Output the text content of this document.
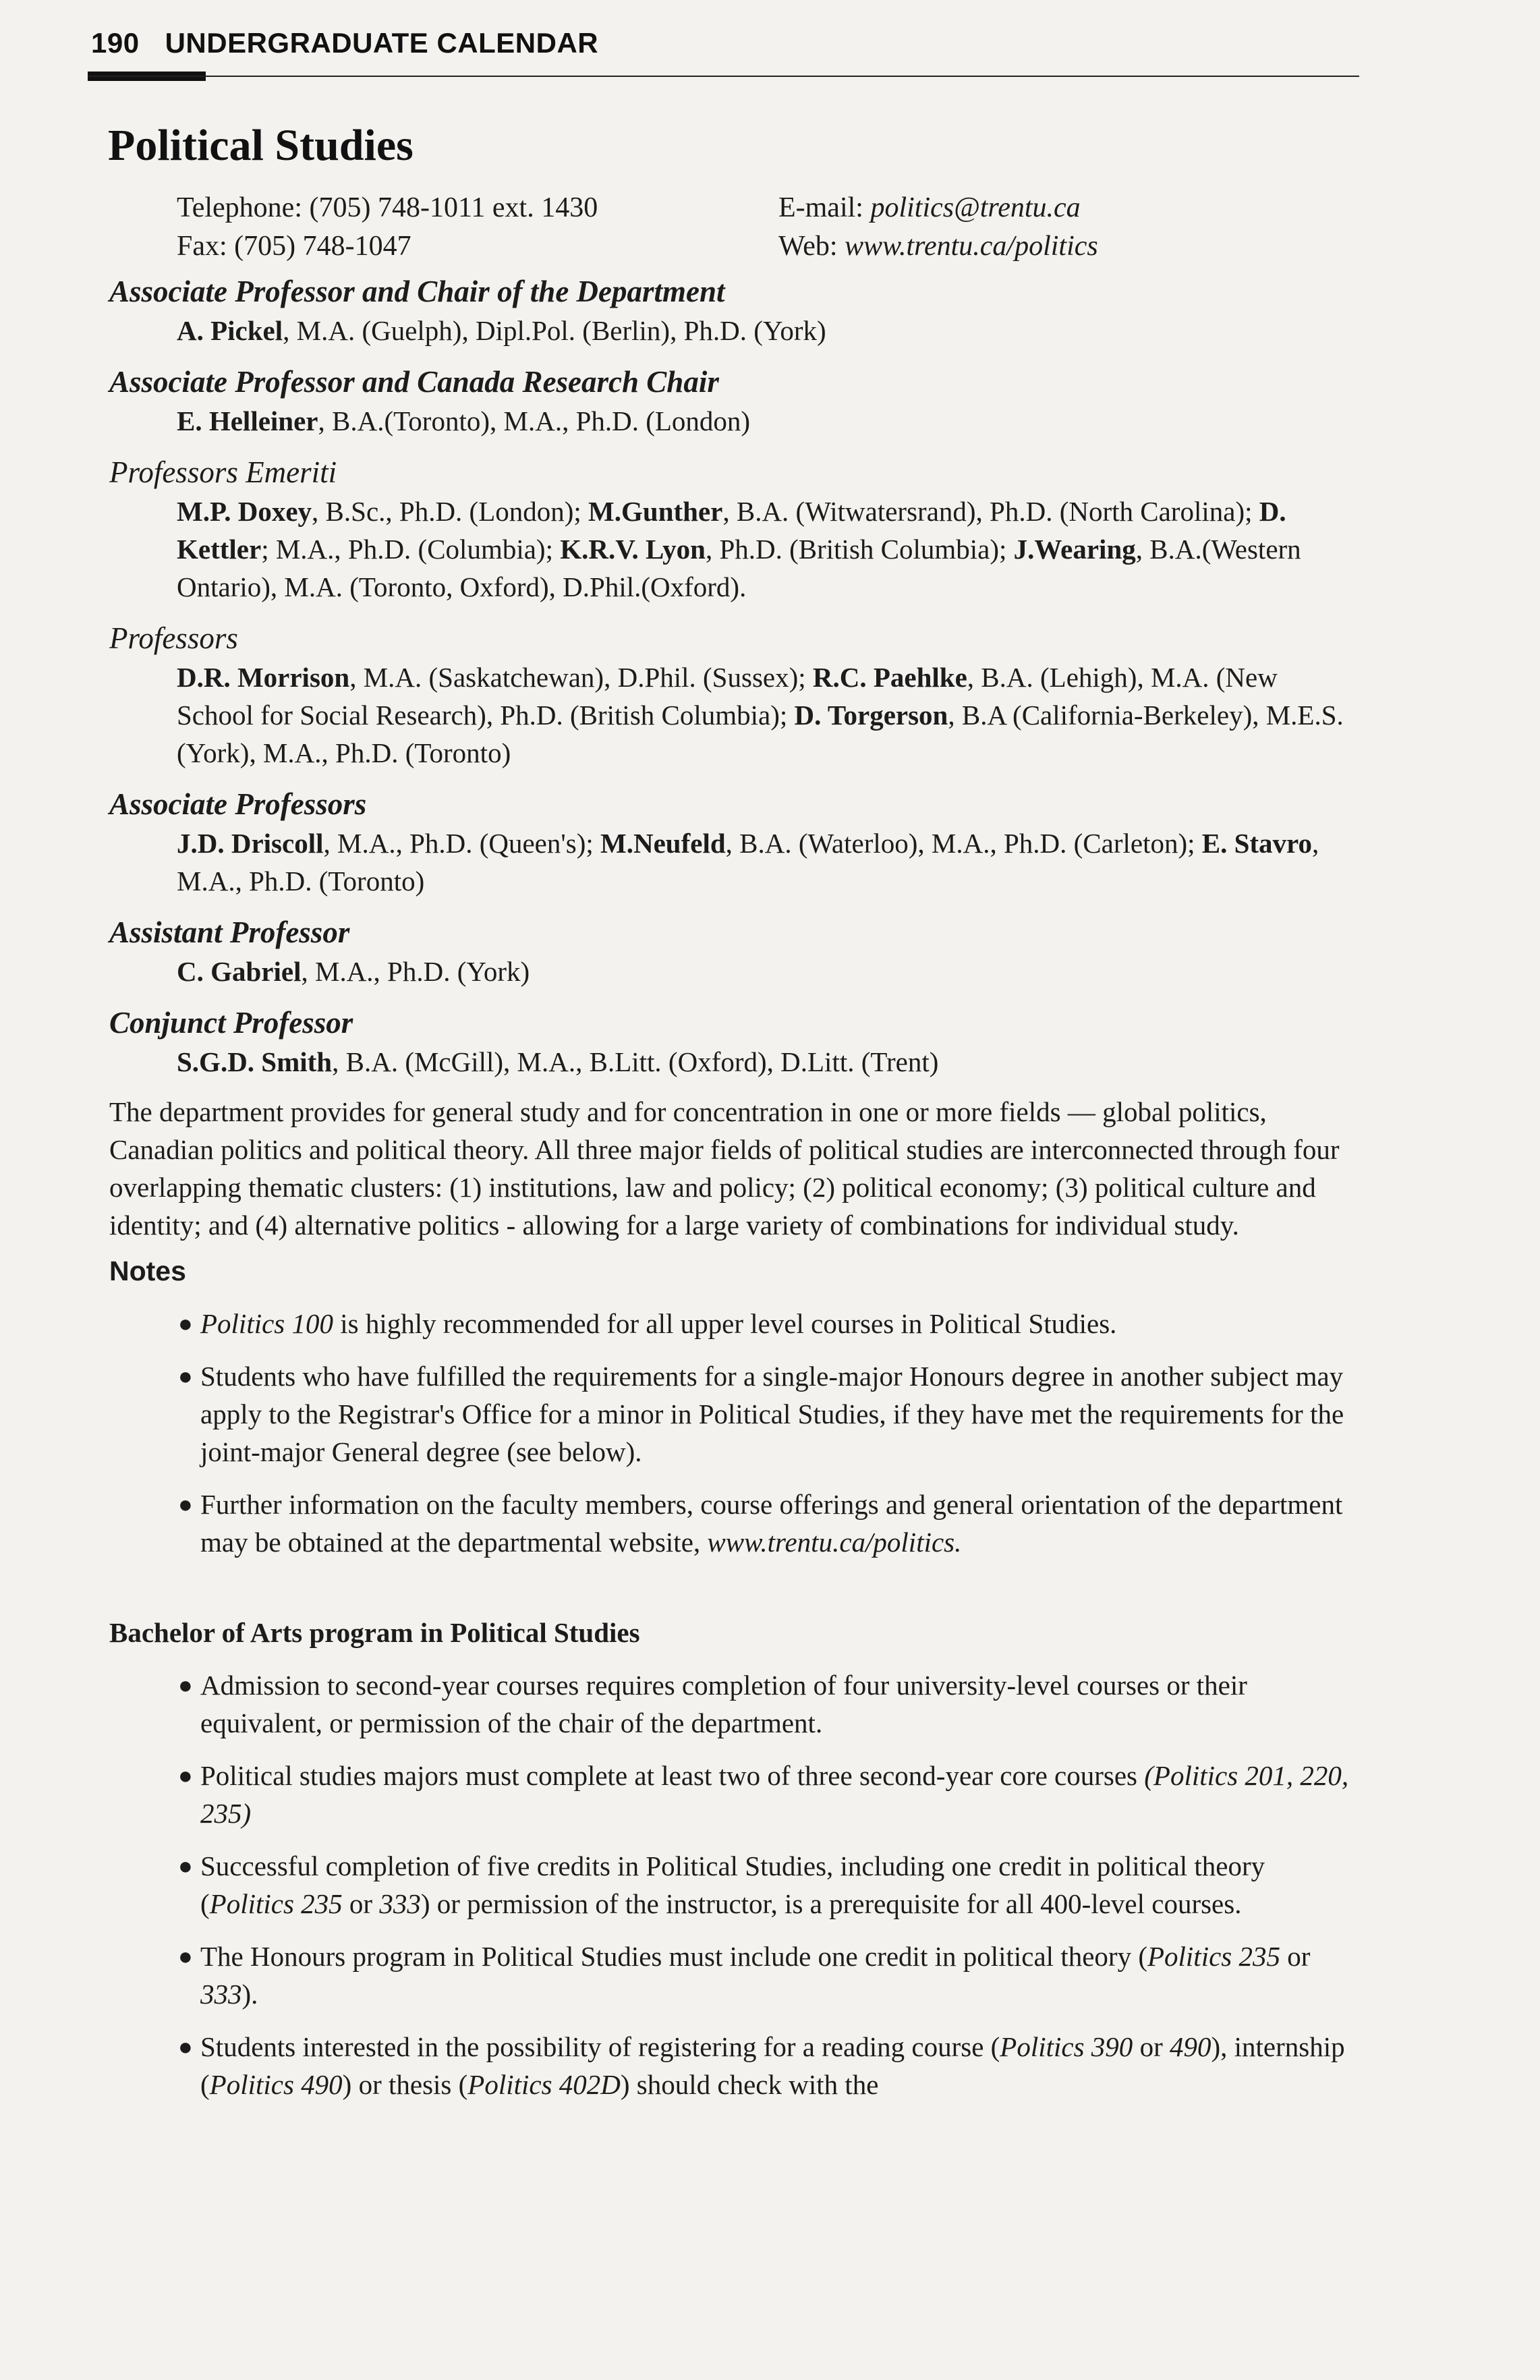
190 UNDERGRADUATE CALENDAR
Political Studies
Telephone: (705) 748-1011 ext. 1430
Fax: (705) 748-1047
E-mail: politics@trentu.ca
Web: www.trentu.ca/politics

Associate Professor and Chair of the Department

A. Pickel, M.A. (Guelph), Dipl.Pol. (Berlin), Ph.D. (York)

Associate Professor and Canada Research Chair

E. Helleiner, B.A.(Toronto), M.A., Ph.D. (London)

Professors Emeriti

M.P. Doxey, B.Sc., Ph.D. (London); M.Gunther, B.A. (Witwatersrand), Ph.D. (North Carolina); D. Kettler; M.A., Ph.D. (Columbia); K.R.V. Lyon, Ph.D. (British Columbia); J.Wearing, B.A.(Western Ontario), M.A. (Toronto, Oxford), D.Phil.(Oxford).

Professors

D.R. Morrison, M.A. (Saskatchewan), D.Phil. (Sussex); R.C. Paehlke, B.A. (Lehigh), M.A. (New School for Social Research), Ph.D. (British Columbia); D. Torgerson, B.A (California-Berkeley), M.E.S. (York), M.A., Ph.D. (Toronto)

Associate Professors

J.D. Driscoll, M.A., Ph.D. (Queen's); M.Neufeld, B.A. (Waterloo), M.A., Ph.D. (Carleton); E. Stavro, M.A., Ph.D. (Toronto)

Assistant Professor

C. Gabriel, M.A., Ph.D. (York)

Conjunct Professor

S.G.D. Smith, B.A. (McGill), M.A., B.Litt. (Oxford), D.Litt. (Trent)

The department provides for general study and for concentration in one or more fields — global politics, Canadian politics and political theory. All three major fields of political studies are interconnected through four overlapping thematic clusters: (1) institutions, law and policy; (2) political economy; (3) political culture and identity; and (4) alternative politics - allowing for a large variety of combinations for individual study.

Notes
● Politics 100 is highly recommended for all upper level courses in Political Studies.
● Students who have fulfilled the requirements for a single-major Honours degree in another subject may apply to the Registrar's Office for a minor in Political Studies, if they have met the requirements for the joint-major General degree (see below).
● Further information on the faculty members, course offerings and general orientation of the department may be obtained at the departmental website, www.trentu.ca/politics.
Bachelor of Arts program in Political Studies
● Admission to second-year courses requires completion of four university-level courses or their equivalent, or permission of the chair of the department.
● Political studies majors must complete at least two of three second-year core courses (Politics 201, 220, 235)
● Successful completion of five credits in Political Studies, including one credit in political theory (Politics 235 or 333) or permission of the instructor, is a prerequisite for all 400-level courses.
● The Honours program in Political Studies must include one credit in political theory (Politics 235 or 333).
● Students interested in the possibility of registering for a reading course (Politics 390 or 490), internship (Politics 490) or thesis (Politics 402D) should check with the
